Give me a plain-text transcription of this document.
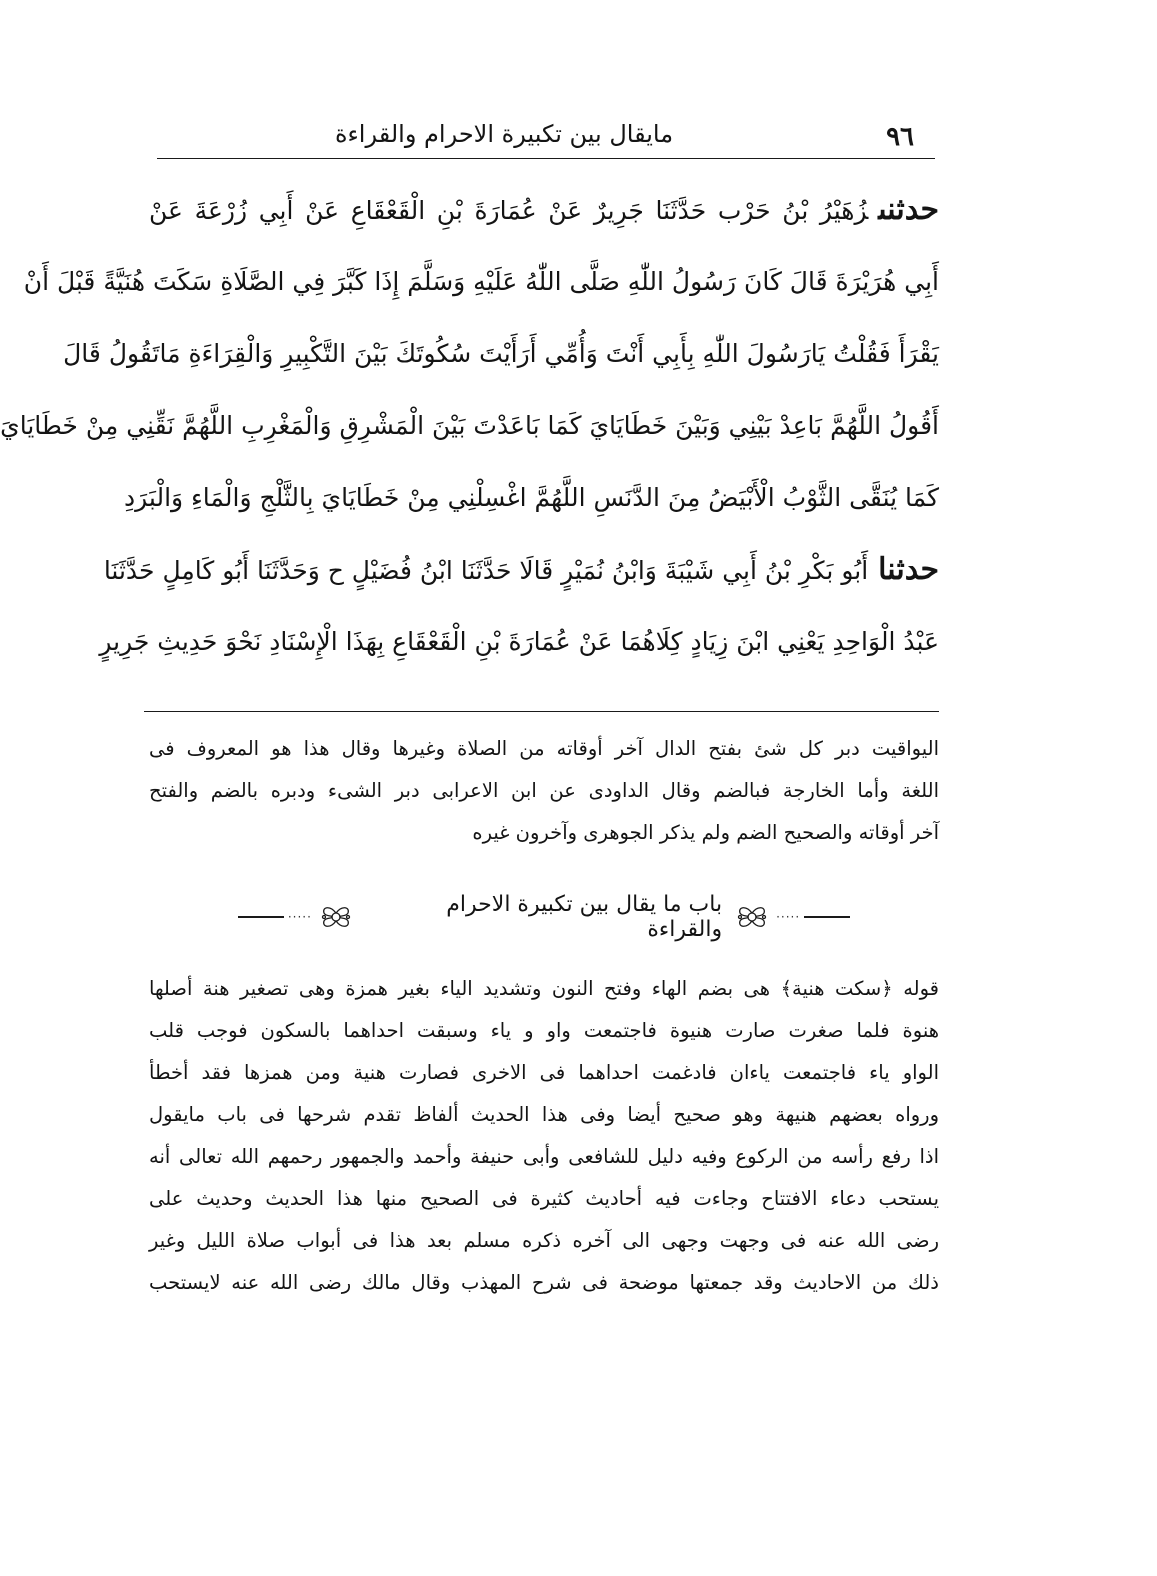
٩٦
مايقال بين تكبيرة الاحرام والقراءة
حدثنىزُهَيْرُ بْنُ حَرْب حَدَّثَنَا جَرِيرٌ عَنْ عُمَارَةَ بْنِ الْقَعْقَاعِ عَنْ أَبِي زُرْعَةَ عَنْ
أَبِي هُرَيْرَةَ قَالَ كَانَ رَسُولُ اللّٰهِ صَلَّى اللّٰهُ عَلَيْهِ وَسَلَّمَ إِذَا كَبَّرَ فِي الصَّلَاةِ سَكَتَ هُنَيَّةً قَبْلَ أَنْ
يَقْرَأَ فَقُلْتُ يَارَسُولَ اللّٰهِ بِأَبِي أَنْتَ وَأُمِّي أَرَأَيْتَ سُكُوتَكَ بَيْنَ التَّكْبِيرِ وَالْقِرَاءَةِ مَاتَقُولُ قَالَ
أَقُولُ اللَّهُمَّ بَاعِدْ بَيْنِي وَبَيْنَ خَطَايَايَ كَمَا بَاعَدْتَ بَيْنَ الْمَشْرِقِ وَالْمَغْرِبِ اللَّهُمَّ نَقِّنِي مِنْ خَطَايَايَ
كَمَا يُنَقَّى الثَّوْبُ الْأَبْيَضُ مِنَ الدَّنَسِ اللَّهُمَّ اغْسِلْنِي مِنْ خَطَايَايَ بِالثَّلْجِ وَالْمَاءِ وَالْبَرَدِ
حدثناأَبُو بَكْرِ بْنُ أَبِي شَيْبَةَ وَابْنُ نُمَيْرٍ قَالَا حَدَّثَنَا ابْنُ فُضَيْلٍ ح وَحَدَّثَنَا أَبُو كَامِلٍ حَدَّثَنَا
عَبْدُ الْوَاحِدِ يَعْنِي ابْنَ زِيَادٍ كِلَاهُمَا عَنْ عُمَارَةَ بْنِ الْقَعْقَاعِ بِهَذَا الْإِسْنَادِ نَحْوَ حَدِيثِ جَرِيرٍ
اليواقيت دبر كل شئ بفتح الدال آخر أوقاته من الصلاة وغيرها وقال هذا هو المعروف فى
اللغة وأما الخارجة فبالضم وقال الداودى عن ابن الاعرابى دبر الشىء ودبره بالضم والفتح
آخر أوقاته والصحيح الضم ولم يذكر الجوهرى وآخرون غيره
·····
باب ما يقال بين تكبيرة الاحرام والقراءة
·····
قوله ﴿سكت هنية﴾ هى بضم الهاء وفتح النون وتشديد الياء بغير همزة وهى تصغير هنة أصلها
هنوة فلما صغرت صارت هنيوة فاجتمعت واو و ياء وسبقت احداهما بالسكون فوجب قلب
الواو ياء فاجتمعت ياءان فادغمت احداهما فى الاخرى فصارت هنية ومن همزها فقد أخطأ
ورواه بعضهم هنيهة وهو صحيح أيضا وفى هذا الحديث ألفاظ تقدم شرحها فى باب مايقول
اذا رفع رأسه من الركوع وفيه دليل للشافعى وأبى حنيفة وأحمد والجمهور رحمهم الله تعالى أنه
يستحب دعاء الافتتاح وجاءت فيه أحاديث كثيرة فى الصحيح منها هذا الحديث وحديث على
رضى الله عنه فى وجهت وجهى الى آخره ذكره مسلم بعد هذا فى أبواب صلاة الليل وغير
ذلك من الاحاديث وقد جمعتها موضحة فى شرح المهذب وقال مالك رضى الله عنه لايستحب
